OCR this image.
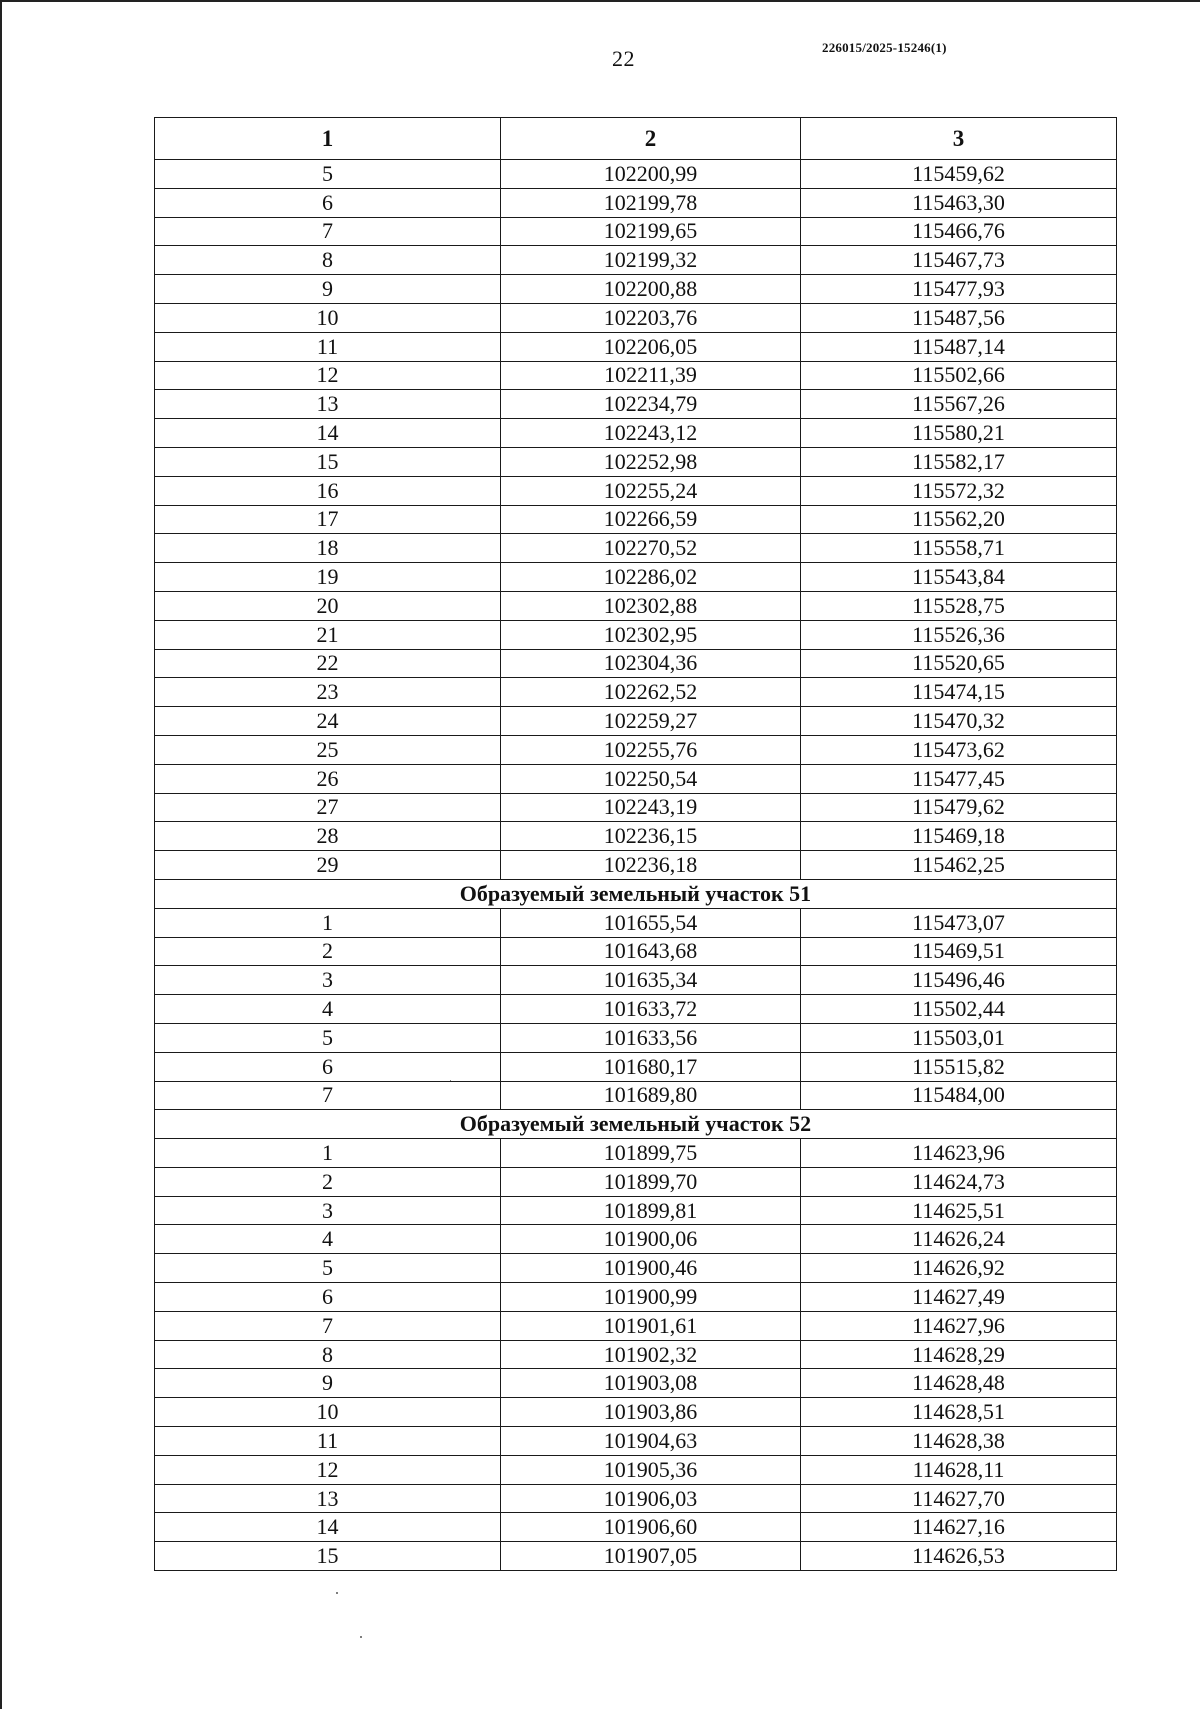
22	226015/2025-15246(1)
1	2	3
5	102200,99	115459,62
6	102199,78	115463,30
7	102199,65	115466,76
8	102199,32	115467,73
9	102200,88	115477,93
10	102203,76	115487,56
11	102206,05	115487,14
12	102211,39	115502,66
13	102234,79	115567,26
14	102243,12	115580,21
15	102252,98	115582,17
16	102255,24	115572,32
17	102266,59	115562,20
18	102270,52	115558,71
19	102286,02	115543,84
20	102302,88	115528,75
21	102302,95	115526,36
22	102304,36	115520,65
23	102262,52	115474,15
24	102259,27	115470,32
25	102255,76	115473,62
26	102250,54	115477,45
27	102243,19	115479,62
28	102236,15	115469,18
29	102236,18	115462,25
Образуемый земельный участок 51		
1	101655,54	115473,07
2	101643,68	115469,51
3	101635,34	115496,46
4	101633,72	115502,44
5	101633,56	115503,01
6	101680,17	115515,82
7	101689,80	115484,00
Образуемый земельный участок 52		
1	101899,75	114623,96
2	101899,70	114624,73
3	101899,81	114625,51
4	101900,06	114626,24
5	101900,46	114626,92
6	101900,99	114627,49
7	101901,61	114627,96
8	101902,32	114628,29
9	101903,08	114628,48
10	101903,86	114628,51
11	101904,63	114628,38
12	101905,36	114628,11
13	101906,03	114627,70
14	101906,60	114627,16
15	101907,05	114626,53
